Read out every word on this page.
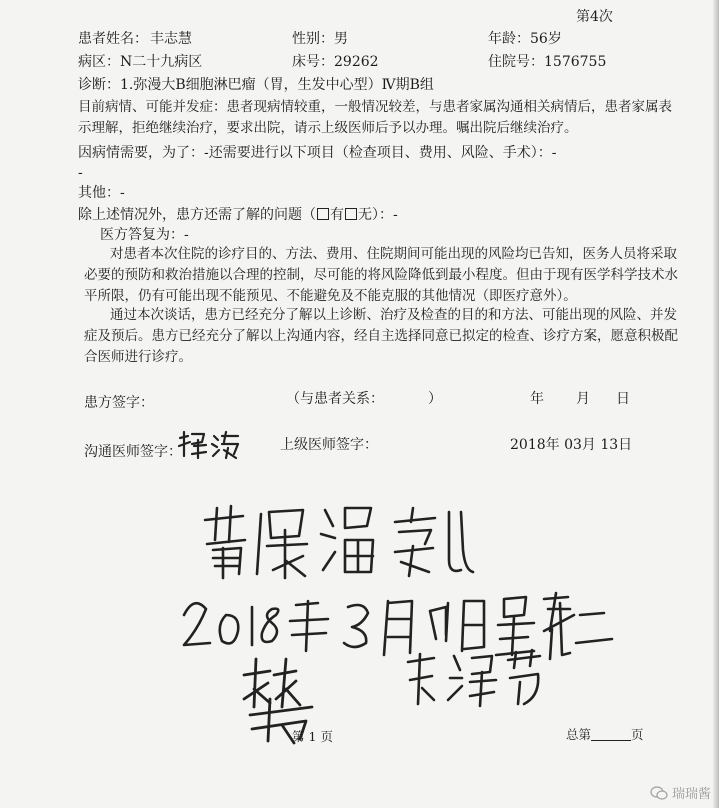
第4次
患者姓名： 丰志慧	性别： 男	年龄： 56岁
病区： N二十九病区	床号： 29262	住院号： 1576755
诊断：1.弥漫大B细胞淋巴瘤（胃，生发中心型）Ⅳ期B组
目前病情、可能并发症：患者现病情较重，一般情况较差，与患者家属沟通相关病情后，患者家属表示理解，拒绝继续治疗，要求出院，请示上级医师后予以办理。嘱出院后继续治疗。
因病情需要，为了：-还需要进行以下项目（检查项目、费用、风险、手术）：-
-
其他：-
除上述情况外，患方还需了解的问题（ 有 无）：-
医方答复为：-
对患者本次住院的诊疗目的、方法、费用、住院期间可能出现的风险均已告知，医务人员将采取必要的预防和救治措施以合理的控制，尽可能的将风险降低到最小程度。但由于现有医学科学技术水平所限，仍有可能出现不能预见、不能避免及不能克服的其他情况（即医疗意外）。
通过本次谈话，患方已经充分了解以上诊断、治疗及检查的目的和方法、可能出现的风险、并发症及预后。患方已经充分了解以上沟通内容，经自主选择同意已拟定的检查、诊疗方案，愿意积极配合医师进行诊疗。
患方签字：	（与患者关系：	）	年 月 日
沟通医师签字：	上级医师签字：	2018年 03月 13日
第 1 页	总第	页
瑞瑞酱
